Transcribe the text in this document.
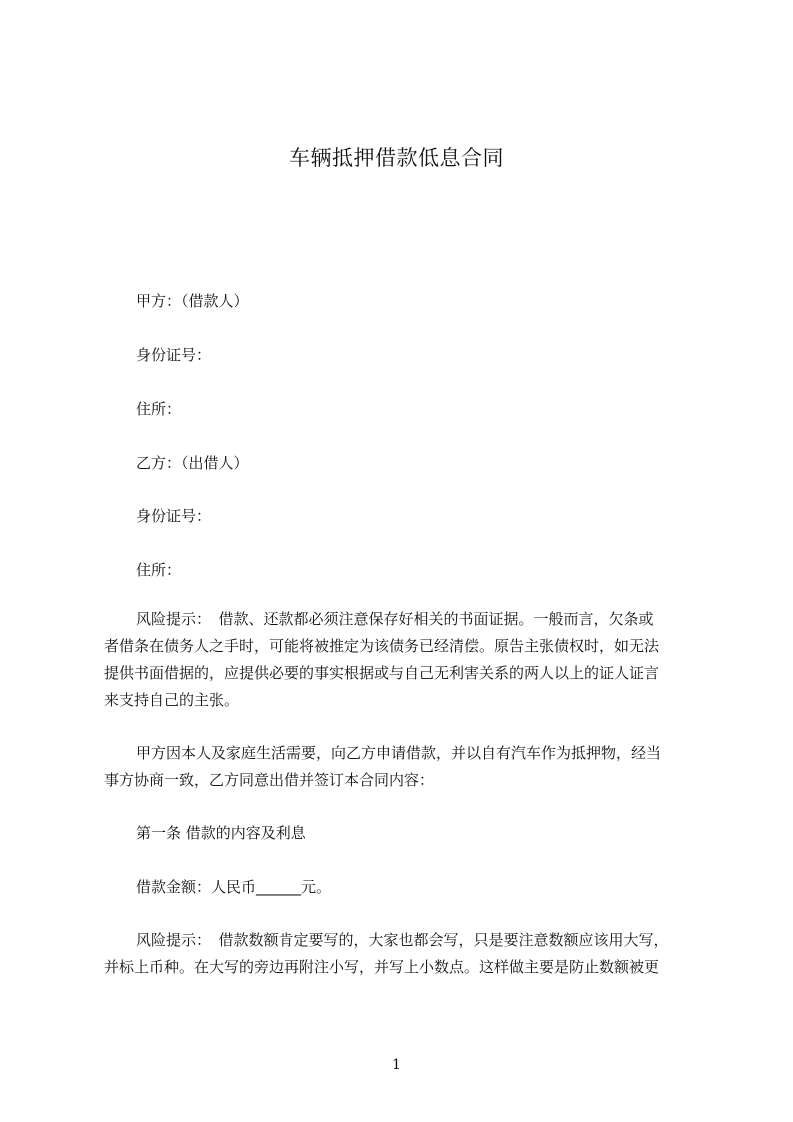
车辆抵押借款低息合同
甲方：（借款人）
身份证号：
住所：
乙方：（出借人）
身份证号：
住所：
风险提示：　借款、还款都必须注意保存好相关的书面证据。一般而言，欠条或
者借条在债务人之手时，可能将被推定为该债务已经清偿。原告主张债权时，如无法
提供书面借据的，应提供必要的事实根据或与自己无利害关系的两人以上的证人证言
来支持自己的主张。
甲方因本人及家庭生活需要，向乙方申请借款，并以自有汽车作为抵押物，经当
事方协商一致，乙方同意出借并签订本合同内容：
第一条 借款的内容及利息
借款金额：人民币______元。
风险提示：　借款数额肯定要写的，大家也都会写，只是要注意数额应该用大写，
并标上币种。在大写的旁边再附注小写，并写上小数点。这样做主要是防止数额被更
1
